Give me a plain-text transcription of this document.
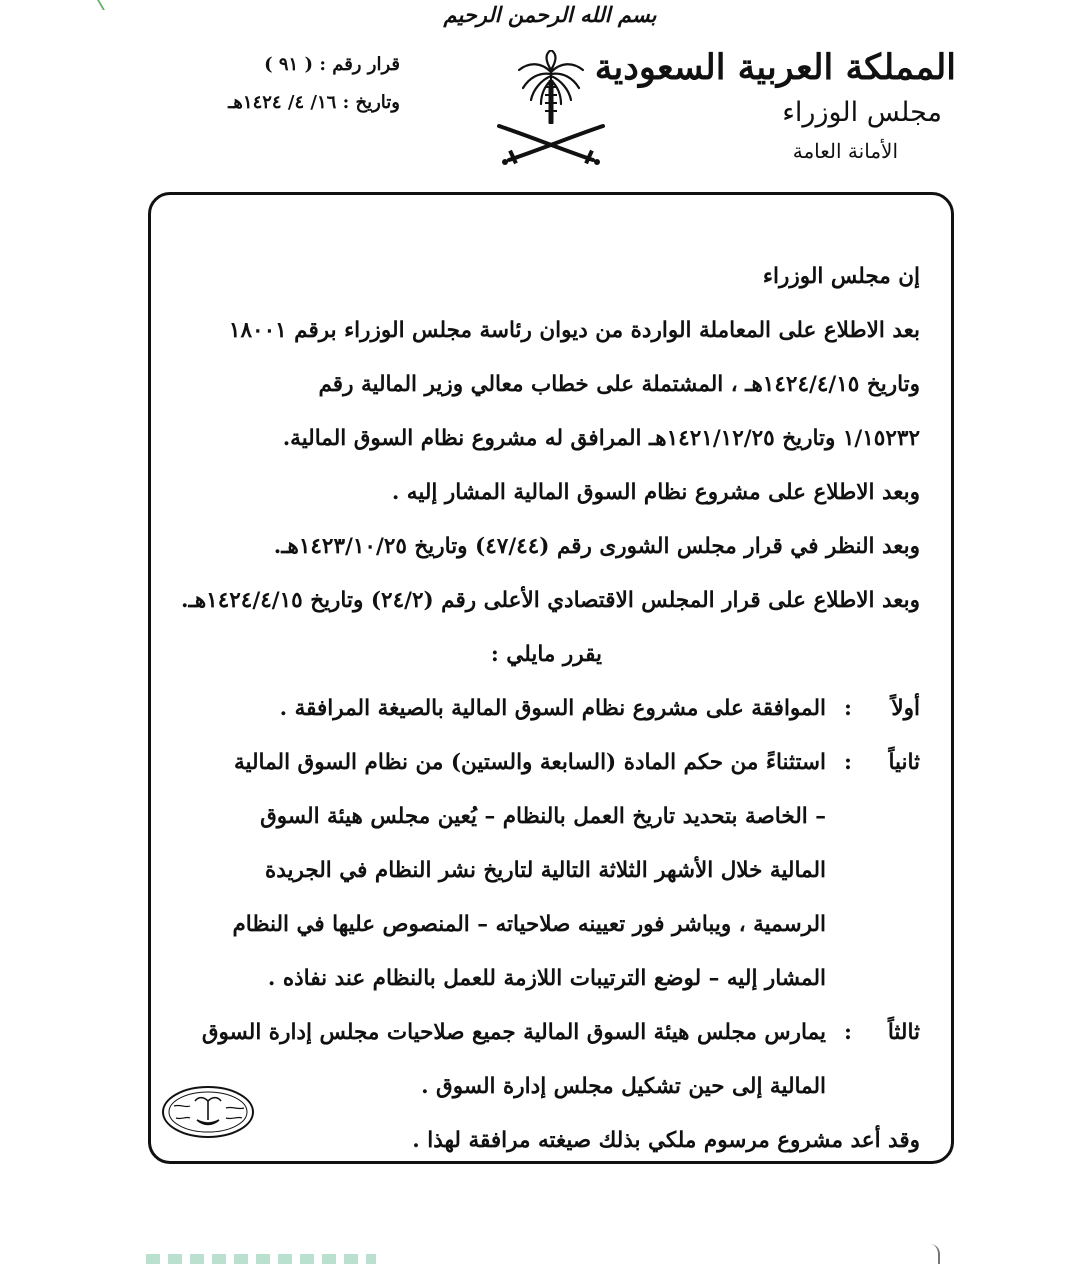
بسم الله الرحمن الرحيم
المملكة العربية السعودية
مجلس الوزراء
الأمانة العامة
قرار رقم : ( ٩١ )
وتاريخ : ١٦/ ٤/ ١٤٢٤هـ
إن مجلس الوزراء
بعد الاطلاع على المعاملة الواردة من ديوان رئاسة مجلس الوزراء برقم ١٨٠٠١
وتاريخ ١٤٢٤/٤/١٥هـ ، المشتملة على خطاب معالي وزير المالية رقم
١/١٥٢٣٢ وتاريخ ١٤٢١/١٢/٢٥هـ المرافق له مشروع نظام السوق المالية.
وبعد الاطلاع على مشروع نظام السوق المالية المشار إليه .
وبعد النظر في قرار مجلس الشورى رقم (٤٧/٤٤) وتاريخ ١٤٢٣/١٠/٢٥هـ.
وبعد الاطلاع على قرار المجلس الاقتصادي الأعلى رقم (٢٤/٢) وتاريخ ١٤٢٤/٤/١٥هـ.
يقرر مايلي :
أولاً
:
الموافقة على مشروع نظام السوق المالية بالصيغة المرافقة .
ثانياً
:
استثناءً من حكم المادة (السابعة والستين) من نظام السوق المالية
– الخاصة بتحديد تاريخ العمل بالنظام – يُعين مجلس هيئة السوق
المالية خلال الأشهر الثلاثة التالية لتاريخ نشر النظام في الجريدة
الرسمية ، ويباشر فور تعيينه صلاحياته – المنصوص عليها في النظام
المشار إليه – لوضع الترتيبات اللازمة للعمل بالنظام عند نفاذه .
ثالثاً
:
يمارس مجلس هيئة السوق المالية جميع صلاحيات مجلس إدارة السوق
المالية إلى حين تشكيل مجلس إدارة السوق .
وقد أعد مشروع مرسوم ملكي بذلك صيغته مرافقة لهذا .
